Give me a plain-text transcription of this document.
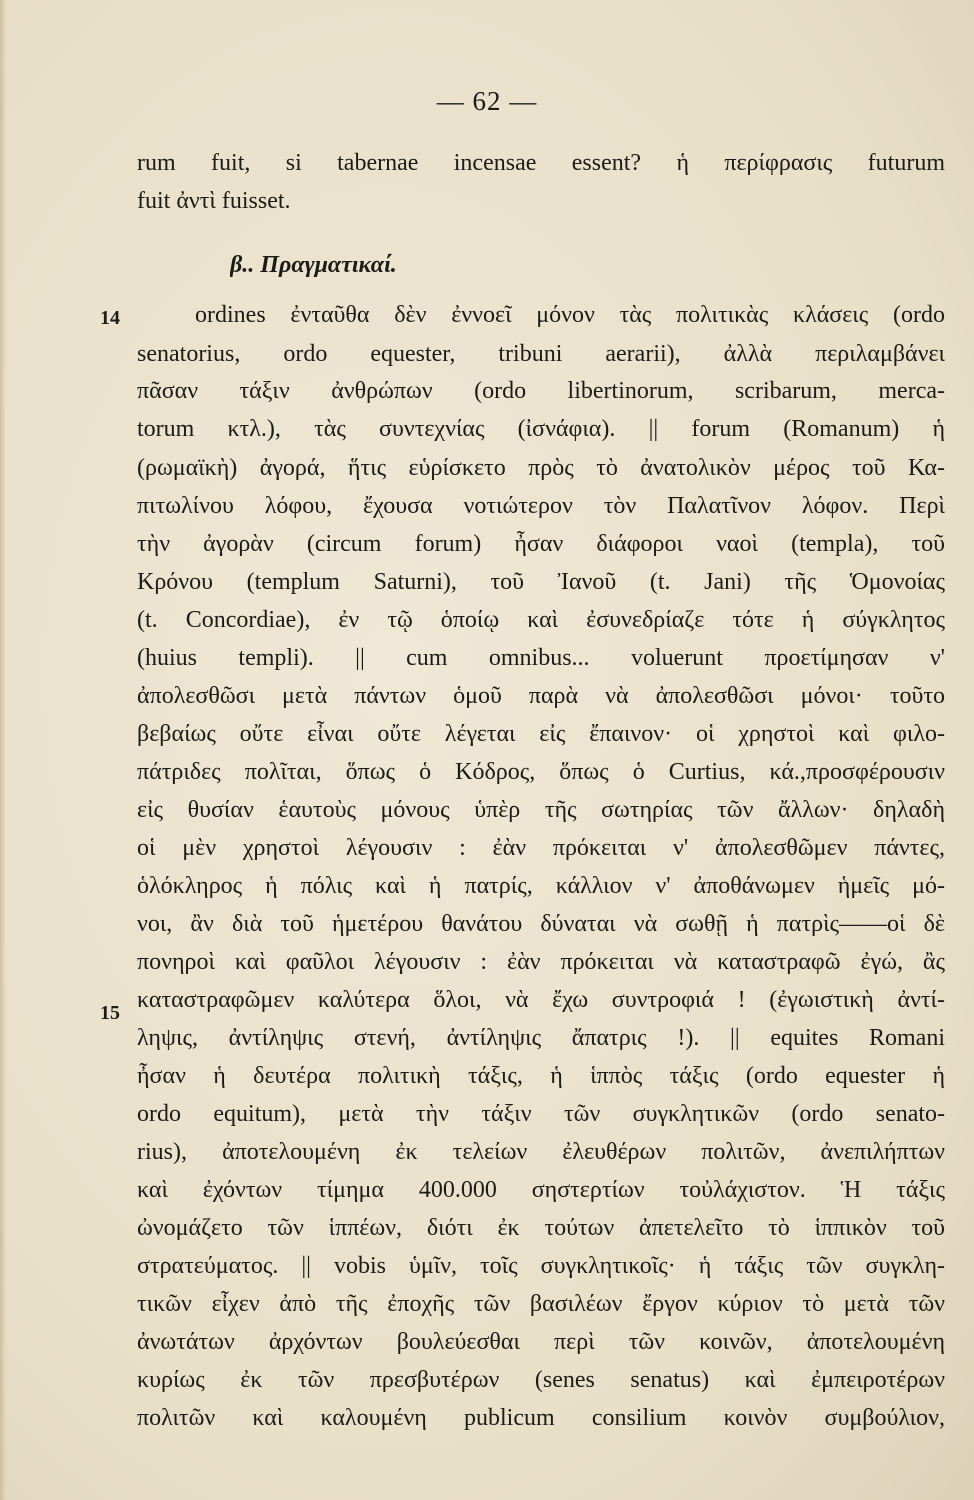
— 62 —
14
15
rum fuit, si tabernae incensae essent? ἡ περίφρασις futurum
fuit ἀντὶ fuisset.
β.. Πραγματικαί.
ordines ἐνταῦθα δὲν ἐννοεῖ μόνον τὰς πολιτικὰς κλάσεις (ordo
senatorius, ordo equester, tribuni aerarii), ἀλλὰ περιλαμβάνει
πᾶσαν τάξιν ἀνθρώπων (ordo libertinorum, scribarum, merca-
torum κτλ.), τὰς συντεχνίας (ἰσνάφια). || forum (Romanum) ἡ
(ρωμαϊκὴ) ἀγορά, ἥτις εὑρίσκετο πρὸς τὸ ἀνατολικὸν μέρος τοῦ Κα-
πιτωλίνου λόφου, ἔχουσα νοτιώτερον τὸν Παλατῖνον λόφον. Περὶ
τὴν ἀγορὰν (circum forum) ἦσαν διάφοροι ναοὶ (templa), τοῦ
Κρόνου (templum Saturni), τοῦ Ἰανοῦ (t. Jani) τῆς Ὁμονοίας
(t. Concordiae), ἐν τῷ ὁποίῳ καὶ ἐσυνεδρίαζε τότε ἡ σύγκλητος
(huius templi). || cum omnibus... voluerunt προετίμησαν ν'
ἀπολεσθῶσι μετὰ πάντων ὁμοῦ παρὰ νὰ ἀπολεσθῶσι μόνοι· τοῦτο
βεβαίως οὔτε εἶναι οὔτε λέγεται εἰς ἔπαινον· οἱ χρηστοὶ καὶ φιλο-
πάτριδες πολῖται, ὅπως ὁ Κόδρος, ὅπως ὁ Curtius, κά.,προσφέρουσιν
εἰς θυσίαν ἑαυτοὺς μόνους ὑπὲρ τῆς σωτηρίας τῶν ἄλλων· δηλαδὴ
οἱ μὲν χρηστοὶ λέγουσιν : ἐὰν πρόκειται ν' ἀπολεσθῶμεν πάντες,
ὁλόκληρος ἡ πόλις καὶ ἡ πατρίς, κάλλιον ν' ἀποθάνωμεν ἡμεῖς μό-
νοι, ἂν διὰ τοῦ ἡμετέρου θανάτου δύναται νὰ σωθῇ ἡ πατρὶς——οἱ δὲ
πονηροὶ καὶ φαῦλοι λέγουσιν : ἐὰν πρόκειται νὰ καταστραφῶ ἐγώ, ἂς
καταστραφῶμεν καλύτερα ὅλοι, νὰ ἔχω συντροφιά ! (ἐγωιστικὴ ἀντί-
ληψις, ἀντίληψις στενή, ἀντίληψις ἄπατρις !). || equites Romani
ἦσαν ἡ δευτέρα πολιτικὴ τάξις, ἡ ἱππὸς τάξις (ordo equester ἡ
ordo equitum), μετὰ τὴν τάξιν τῶν συγκλητικῶν (ordo senato-
rius), ἀποτελουμένη ἐκ τελείων ἐλευθέρων πολιτῶν, ἀνεπιλήπτων
καὶ ἐχόντων τίμημα 400.000 σηστερτίων τοὐλάχιστον. Ἡ τάξις
ὠνομάζετο τῶν ἱππέων, διότι ἐκ τούτων ἀπετελεῖτο τὸ ἱππικὸν τοῦ
στρατεύματος. || vobis ὑμῖν, τοῖς συγκλητικοῖς· ἡ τάξις τῶν συγκλη-
τικῶν εἶχεν ἀπὸ τῆς ἐποχῆς τῶν βασιλέων ἔργον κύριον τὸ μετὰ τῶν
ἀνωτάτων ἀρχόντων βουλεύεσθαι περὶ τῶν κοινῶν, ἀποτελουμένη
κυρίως ἐκ τῶν πρεσβυτέρων (senes senatus) καὶ ἐμπειροτέρων
πολιτῶν καὶ καλουμένη publicum consilium κοινὸν συμβούλιον,
